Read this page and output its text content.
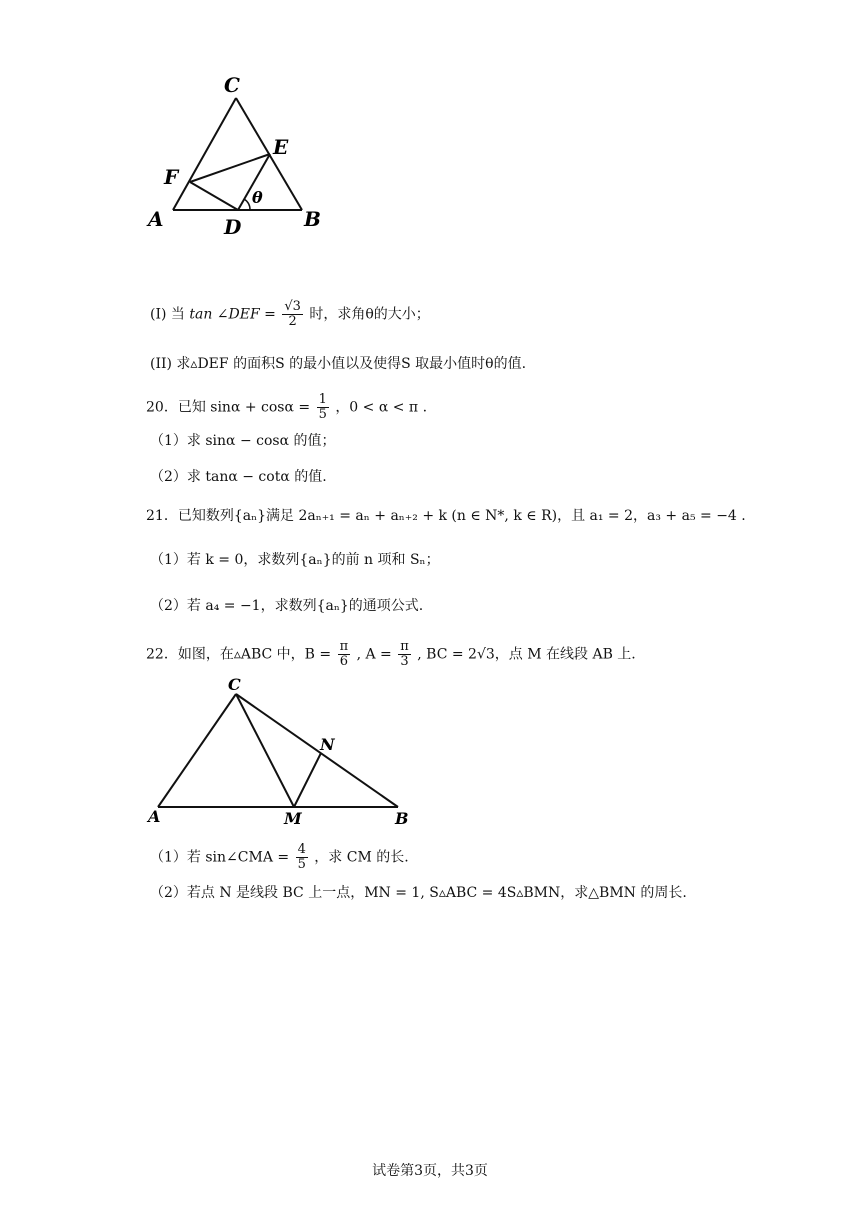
C
E
F
A	D	B
θ
(I) 当 tan ∠DEF = $\frac{√3}{2}$ 时，求角θ的大小；
(II) 求▵DEF 的面积S 的最小值以及使得S 取最小值时θ的值.
20．已知 $\sin\alpha + \cos\alpha = \frac{1}{5}$ ，0 < α < π .
（1）求 sinα − cosα 的值；
（2）求 tanα − cotα 的值.
21．已知数列{aₙ}满足 2aₙ₊₁ = aₙ + aₙ₊₂ + k (n ∈ N*, k ∈ R)，且 a₁ = 2，a₃ + a₅ = −4 .
（1）若 k = 0，求数列{aₙ}的前 n 项和 Sₙ；
（2）若 a₄ = −1，求数列{aₙ}的通项公式.
22．如图，在▵ABC 中，$B = \frac{\pi}{6}$ , $A = \frac{\pi}{3}$ , BC = 2√3，点 M 在线段 AB 上.
C
N
A	M	B
（1）若 sin∠CMA = $\frac{4}{5}$ ，求 CM 的长.
（2）若点 N 是线段 BC 上一点，MN = 1, S▵ABC = 4S▵BMN，求△BMN 的周长.
试卷第3页，共3页
